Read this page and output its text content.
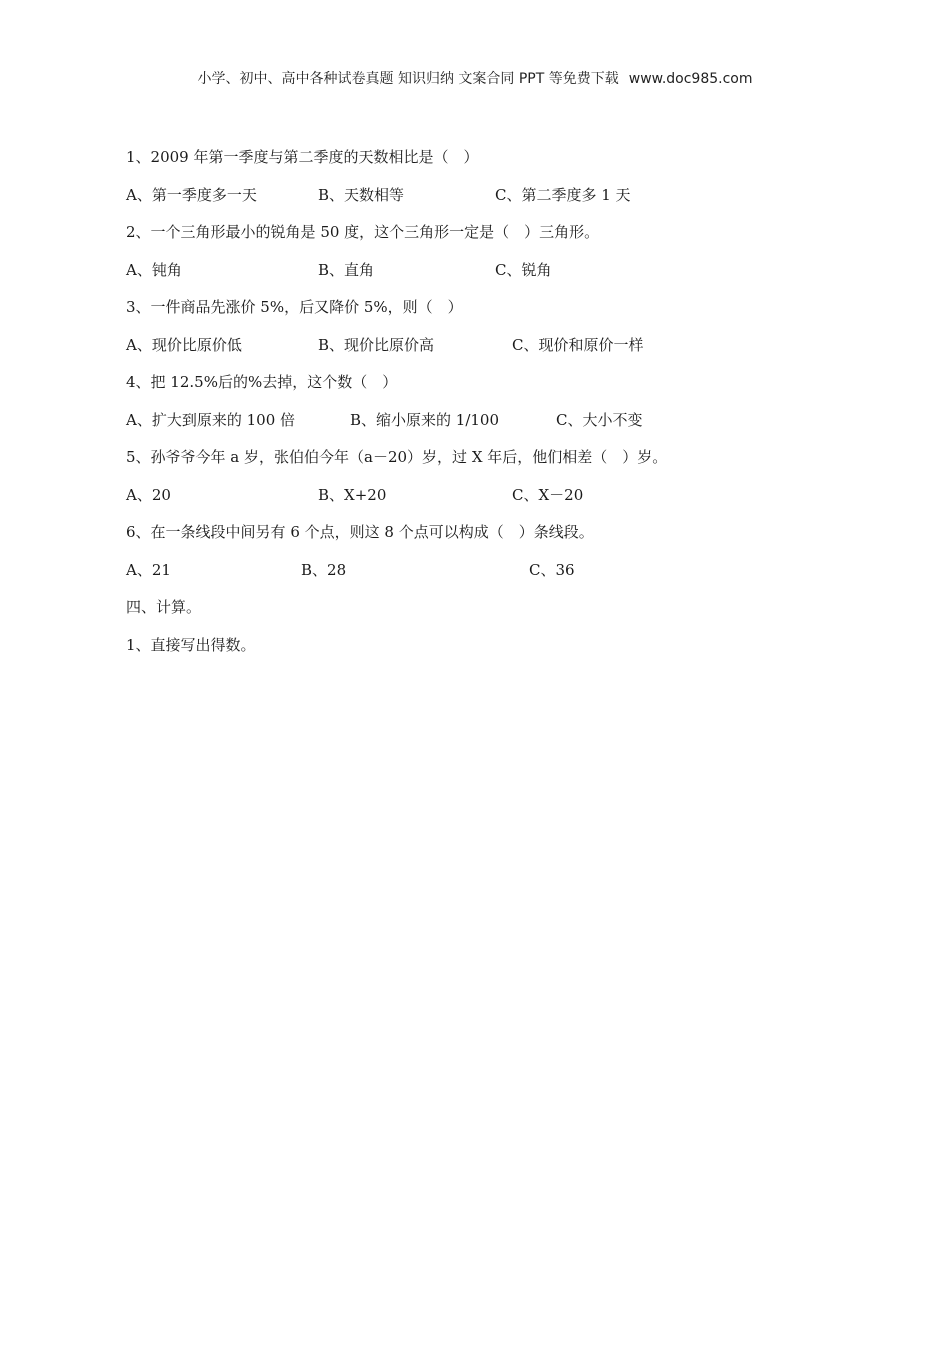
小学、初中、高中各种试卷真题 知识归纳 文案合同 PPT 等免费下载 www.doc985.com
1、2009 年第一季度与第二季度的天数相比是（　）
A、第一季度多一天	B、天数相等	C、第二季度多 1 天
2、一个三角形最小的锐角是 50 度，这个三角形一定是（　）三角形。
A、钝角	B、直角	C、锐角
3、一件商品先涨价 5%，后又降价 5%，则（　）
A、现价比原价低	B、现价比原价高	C、现价和原价一样
4、把 12.5%后的%去掉，这个数（　）
A、扩大到原来的 100 倍	B、缩小原来的 1/100	C、大小不变
5、孙爷爷今年 a 岁，张伯伯今年（a－20）岁，过 X 年后，他们相差（　）岁。
A、20	B、X+20	C、X－20
6、在一条线段中间另有 6 个点，则这 8 个点可以构成（　）条线段。
A、21	B、28	C、36
四、计算。
1、直接写出得数。
